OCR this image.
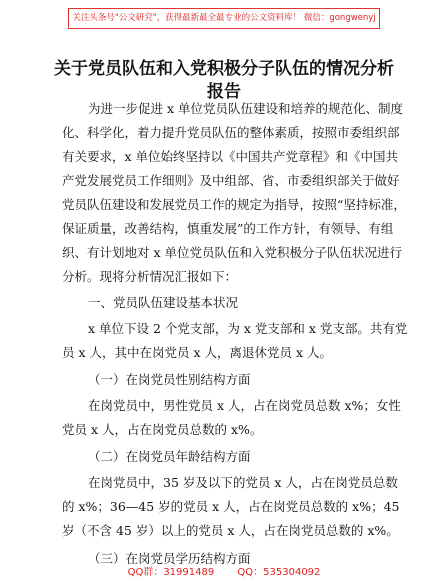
关注头条号"公文研究"，获得最新最全最专业的公文资料库！ 微信：gongwenyj
关于党员队伍和入党积极分子队伍的情况分析
报告
为进一步促进 x 单位党员队伍建设和培养的规范化、制度
化、科学化，着力提升党员队伍的整体素质，按照市委组织部
有关要求，x 单位始终坚持以《中国共产党章程》和《中国共
产党发展党员工作细则》及中组部、省、市委组织部关于做好
党员队伍建设和发展党员工作的规定为指导，按照“坚持标准，
保证质量，改善结构，慎重发展”的工作方针，有领导、有组
织、有计划地对 x 单位党员队伍和入党积极分子队伍状况进行
分析。现将分析情况汇报如下：
一、党员队伍建设基本状况
x 单位下设 2 个党支部，为 x 党支部和 x 党支部。共有党
员 x 人，其中在岗党员 x 人，离退休党员 x 人。
（一）在岗党员性别结构方面
在岗党员中，男性党员 x 人，占在岗党员总数 x%；女性
党员 x 人，占在岗党员总数的 x%。
（二）在岗党员年龄结构方面
在岗党员中，35 岁及以下的党员 x 人，占在岗党员总数
的 x%；36—45 岁的党员 x 人，占在岗党员总数的 x%；45
岁（不含 45 岁）以上的党员 x 人，占在岗党员总数的 x%。
（三）在岗党员学历结构方面
QQ群：31991489 QQ：535304092
